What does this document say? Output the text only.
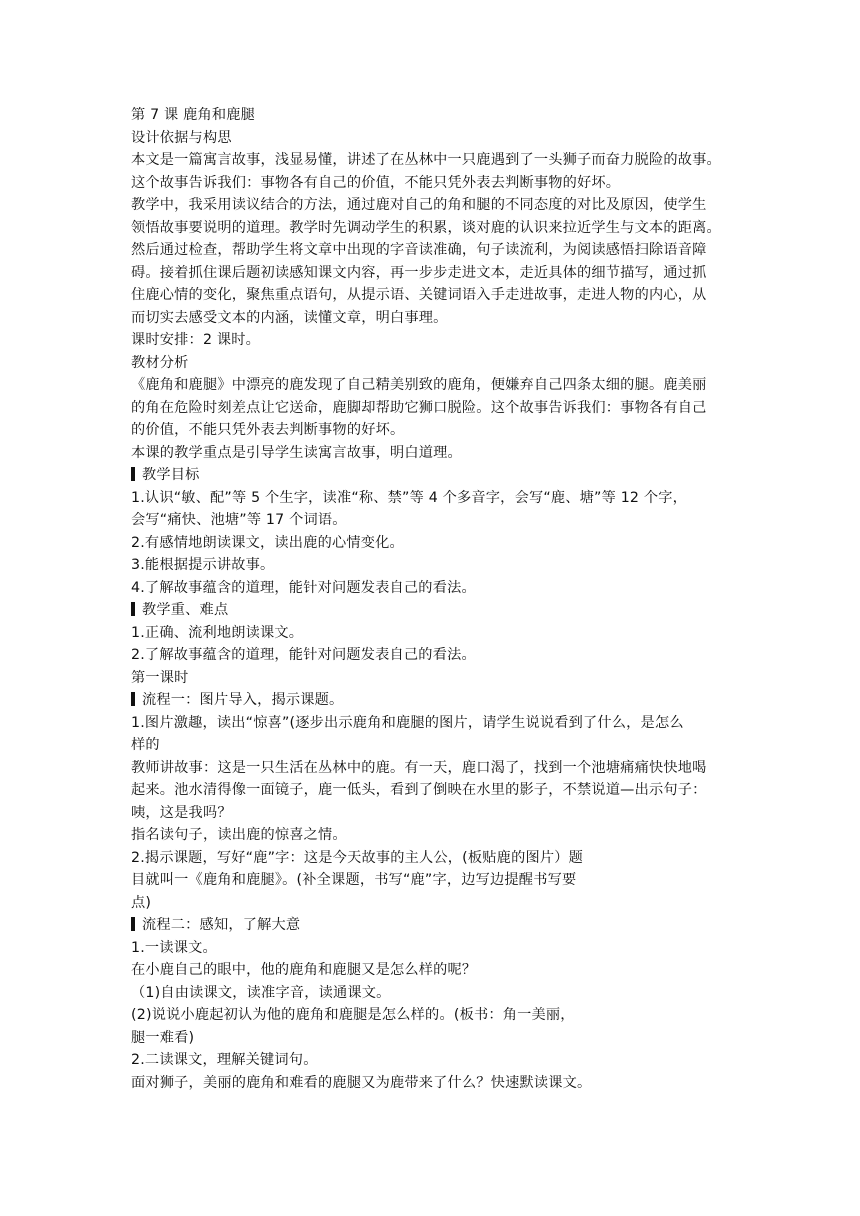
第 7 课 鹿角和鹿腿
设计依据与构思
本文是一篇寓言故事，浅显易懂，讲述了在丛林中一只鹿遇到了一头狮子而奋力脱险的故事。
这个故事告诉我们：事物各有自己的价值，不能只凭外表去判断事物的好坏。
教学中，我采用读议结合的方法，通过鹿对自己的角和腿的不同态度的对比及原因，使学生
领悟故事要说明的道理。教学时先调动学生的积累，谈对鹿的认识来拉近学生与文本的距离。
然后通过检查，帮助学生将文章中出现的字音读准确，句子读流利，为阅读感悟扫除语音障
碍。接着抓住课后题初读感知课文内容，再一步步走进文本，走近具体的细节描写，通过抓
住鹿心情的变化，聚焦重点语句，从提示语、关键词语入手走进故事，走进人物的内心，从
而切实去感受文本的内涵，读懂文章，明白事理。
课时安排：2 课时。
教材分析
《鹿角和鹿腿》中漂亮的鹿发现了自己精美别致的鹿角，便嫌弃自己四条太细的腿。鹿美丽
的角在危险时刻差点让它送命，鹿脚却帮助它狮口脱险。这个故事告诉我们：事物各有自己
的价值，不能只凭外表去判断事物的好坏。
本课的教学重点是引导学生读寓言故事，明白道理。
教学目标
1.认识“敏、配”等 5 个生字，读准“称、禁”等 4 个多音字，会写“鹿、塘”等 12 个字，
会写“痛快、池塘”等 17 个词语。
2.有感情地朗读课文，读出鹿的心情变化。
3.能根据提示讲故事。
4.了解故事蕴含的道理，能针对问题发表自己的看法。
教学重、难点
1.正确、流利地朗读课文。
2.了解故事蕴含的道理，能针对问题发表自己的看法。
第一课时
流程一：图片导入，揭示课题。
1.图片激趣，读出“惊喜”(逐步出示鹿角和鹿腿的图片，请学生说说看到了什么，是怎么
样的
教师讲故事：这是一只生活在丛林中的鹿。有一天，鹿口渴了，找到一个池塘痛痛快快地喝
起来。池水清得像一面镜子，鹿一低头，看到了倒映在水里的影子，不禁说道—出示句子：
咦，这是我吗？
指名读句子，读出鹿的惊喜之情。
2.揭示课题，写好“鹿”字：这是今天故事的主人公，(板贴鹿的图片）题
目就叫一《鹿角和鹿腿》。(补全课题，书写“鹿”字，边写边提醒书写要
点)
流程二：感知，了解大意
1.一读课文。
在小鹿自己的眼中，他的鹿角和鹿腿又是怎么样的呢？
（1)自由读课文，读准字音，读通课文。
(2)说说小鹿起初认为他的鹿角和鹿腿是怎么样的。(板书：角一美丽，
腿一难看)
2.二读课文，理解关键词句。
面对狮子，美丽的鹿角和难看的鹿腿又为鹿带来了什么？快速默读课文。
